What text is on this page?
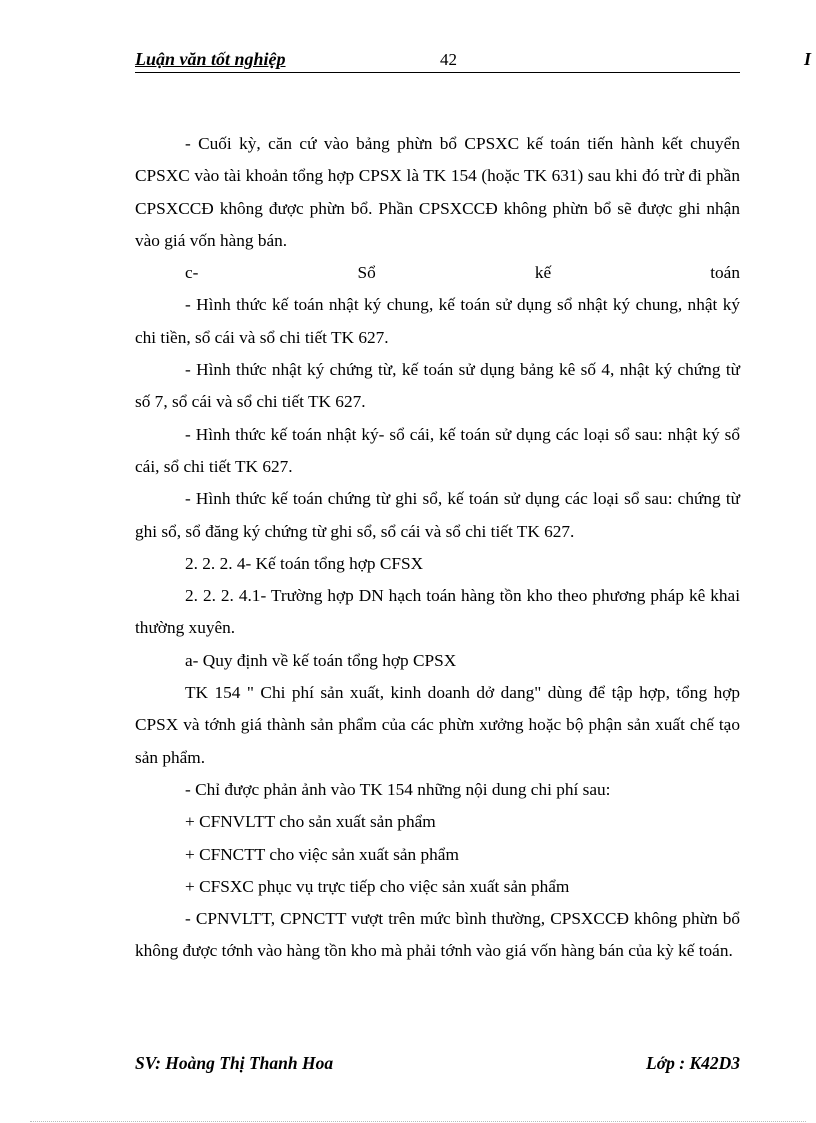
Luận văn tốt nghiệp	42	I

- Cuối kỳ, căn cứ vào bảng phừn bổ CPSXC kế toán tiến hành kết chuyển CPSXC vào tài khoản tổng hợp CPSX là TK 154 (hoặc TK 631) sau khi đó trừ đi phần CPSXCCĐ không được phừn bổ. Phần CPSXCCĐ không phừn bổ sẽ được ghi nhận vào giá vốn hàng bán.

c-	Sổ	kế	toán

- Hình thức kế toán nhật ký chung, kế toán sử dụng sổ nhật ký chung, nhật ký chi tiền, sổ cái và sổ chi tiết TK 627.

- Hình thức nhật ký chứng từ, kế toán sử dụng bảng kê số 4, nhật ký chứng từ số 7, sổ cái và sổ chi tiết TK 627.

- Hình thức kế toán nhật ký- sổ cái, kế toán sử dụng các loại sổ sau: nhật ký sổ cái, sổ chi tiết TK 627.

- Hình thức kế toán chứng từ ghi sổ, kế toán sử dụng các loại sổ sau: chứng từ ghi sổ, sổ đăng ký chứng từ ghi sổ, sổ cái và sổ chi tiết TK 627.

2. 2. 2. 4- Kế toán tổng hợp CFSX

2. 2. 2. 4.1- Trường hợp DN hạch toán hàng tồn kho theo phương pháp kê khai thường xuyên.

a- Quy định về kế toán tổng hợp CPSX

TK 154 " Chi phí sản xuất, kinh doanh dở dang" dùng để tập hợp, tổng hợp CPSX và tớnh giá thành sản phẩm của các phừn xưởng hoặc bộ phận sản xuất chế tạo sản phẩm.

- Chỉ được phản ảnh vào TK 154 những nội dung chi phí sau:

+ CFNVLTT cho sản xuất sản phẩm

+ CFNCTT cho việc sản xuất sản phẩm

+ CFSXC phục vụ trực tiếp cho việc sản xuất sản phẩm

- CPNVLTT, CPNCTT vượt trên mức bình thường, CPSXCCĐ không phừn bổ không được tớnh vào hàng tồn kho mà phải tớnh vào giá vốn hàng bán của kỳ kế toán.

SV: Hoàng Thị Thanh Hoa	Lớp : K42D3
